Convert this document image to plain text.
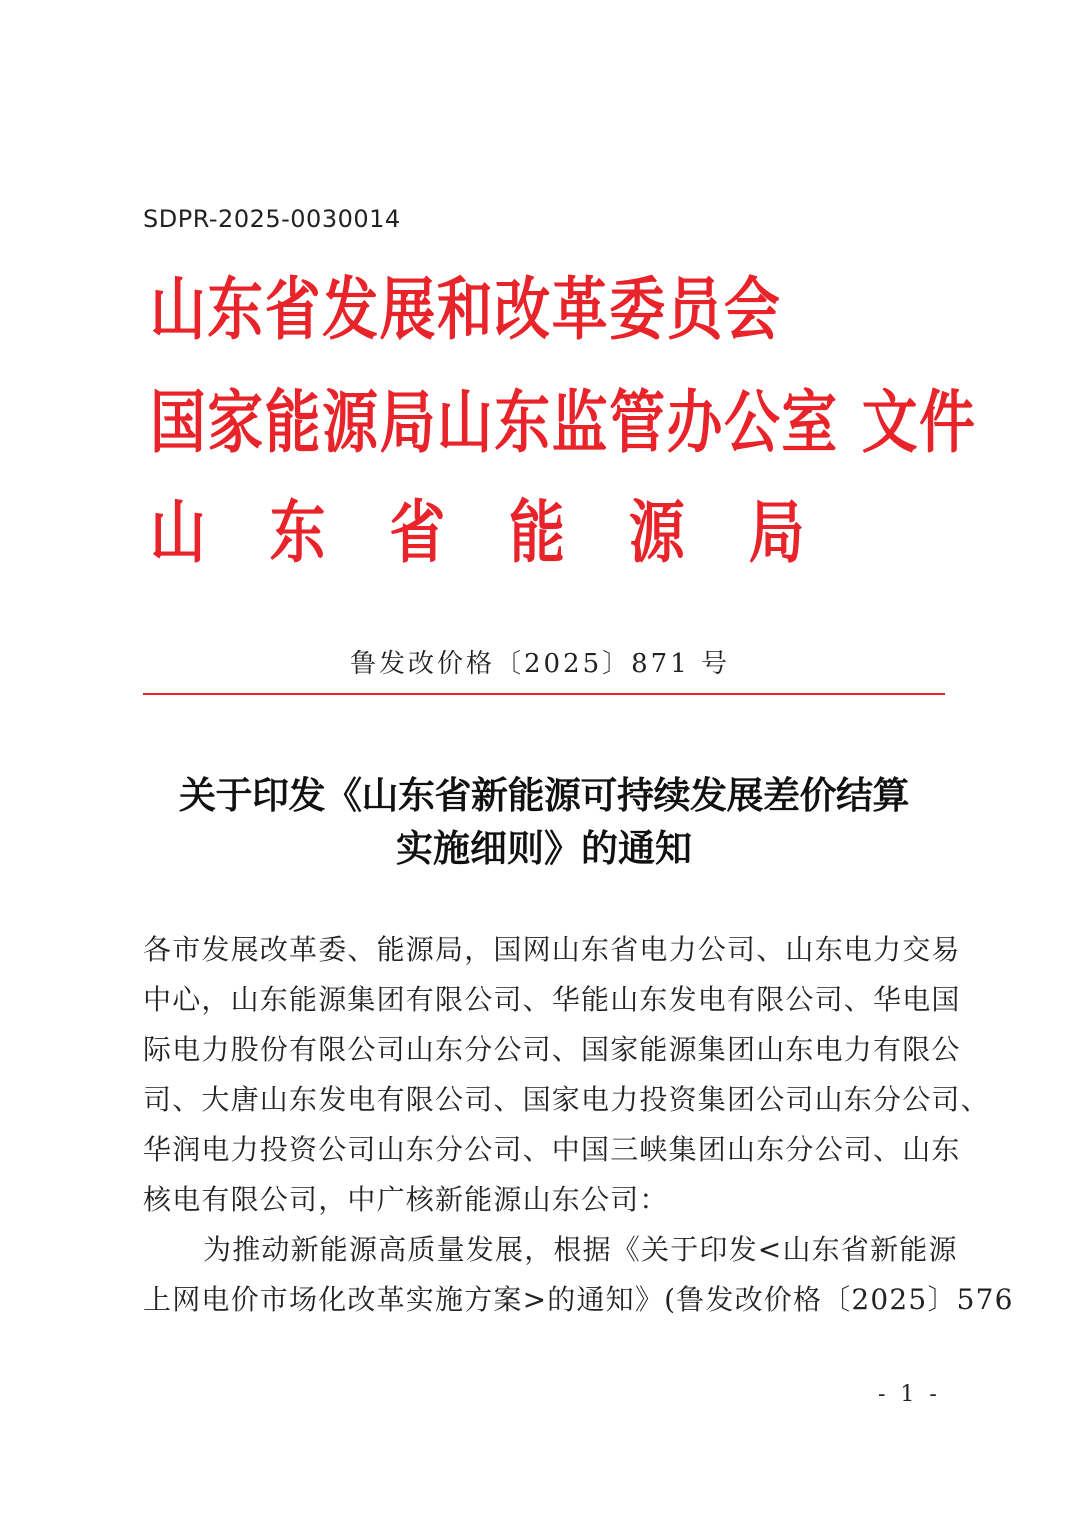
SDPR-2025-0030014
山东省发展和改革委员会
国家能源局山东监管办公室 文件
山东省能源局
鲁发改价格〔2025〕871 号
关于印发《山东省新能源可持续发展差价结算
实施细则》的通知
各市发展改革委、能源局，国网山东省电力公司、山东电力交易
中心，山东能源集团有限公司、华能山东发电有限公司、华电国
际电力股份有限公司山东分公司、国家能源集团山东电力有限公
司、大唐山东发电有限公司、国家电力投资集团公司山东分公司、
华润电力投资公司山东分公司、中国三峡集团山东分公司、山东
核电有限公司，中广核新能源山东公司：
为推动新能源高质量发展，根据《关于印发<山东省新能源
上网电价市场化改革实施方案>的通知》(鲁发改价格〔2025〕576
- 1 -
